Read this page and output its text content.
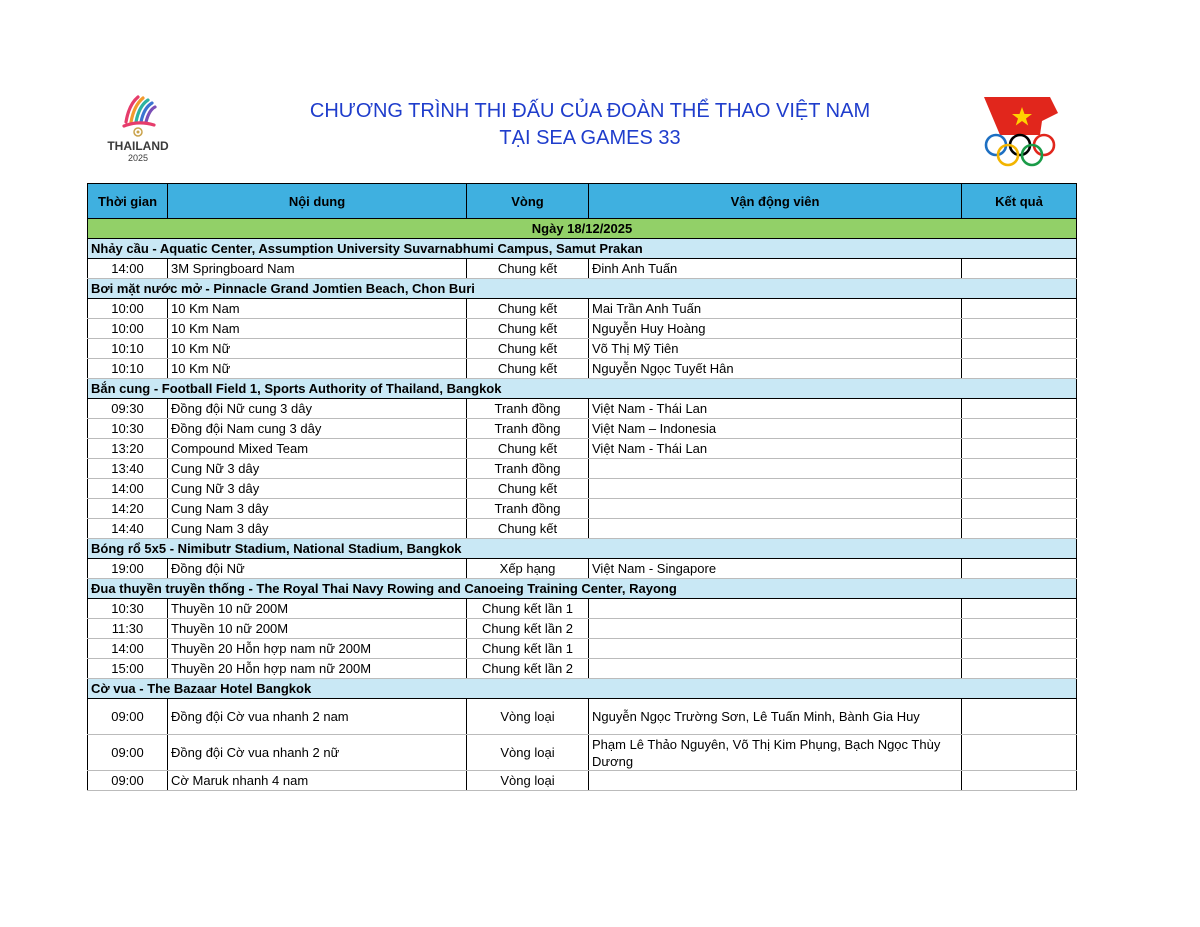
THAILAND
2025
CHƯƠNG TRÌNH THI ĐẤU CỦA ĐOÀN THỂ THAO VIỆT NAM
TẠI SEA GAMES 33
Thời gian	Nội dung	Vòng	Vận động viên	Kết quả
Ngày 18/12/2025				
Nhảy cầu - Aquatic Center, Assumption University Suvarnabhumi Campus, Samut Prakan				
14:00	3M Springboard Nam	Chung kết	Đinh Anh Tuấn	
Bơi mặt nước mở - Pinnacle Grand Jomtien Beach, Chon Buri				
10:00	10 Km Nam	Chung kết	Mai Trần Anh Tuấn	
10:00	10 Km Nam	Chung kết	Nguyễn Huy Hoàng	
10:10	10 Km Nữ	Chung kết	Võ Thị Mỹ Tiên	
10:10	10 Km Nữ	Chung kết	Nguyễn Ngọc Tuyết Hân	
Bắn cung - Football Field 1, Sports Authority of Thailand, Bangkok				
09:30	Đồng đội Nữ cung 3 dây	Tranh đồng	Việt Nam - Thái Lan	
10:30	Đồng đội Nam cung 3 dây	Tranh đồng	Việt Nam – Indonesia	
13:20	Compound Mixed Team	Chung kết	Việt Nam - Thái Lan	
13:40	Cung Nữ 3 dây	Tranh đồng		
14:00	Cung Nữ 3 dây	Chung kết		
14:20	Cung Nam 3 dây	Tranh đồng		
14:40	Cung Nam 3 dây	Chung kết		
Bóng rổ 5x5 - Nimibutr Stadium, National Stadium, Bangkok				
19:00	Đồng đội Nữ	Xếp hạng	Việt Nam - Singapore	
Đua thuyền truyền thống - The Royal Thai Navy Rowing and Canoeing Training Center, Rayong				
10:30	Thuyền 10 nữ 200M	Chung kết lần 1		
11:30	Thuyền 10 nữ 200M	Chung kết lần 2		
14:00	Thuyền 20 Hỗn hợp nam nữ 200M	Chung kết lần 1		
15:00	Thuyền 20 Hỗn hợp nam nữ 200M	Chung kết lần 2		
Cờ vua - The Bazaar Hotel Bangkok				
09:00	Đồng đội Cờ vua nhanh 2 nam	Vòng loại	Nguyễn Ngọc Trường Sơn, Lê Tuấn Minh, Bành Gia Huy	
09:00	Đồng đội Cờ vua nhanh 2 nữ	Vòng loại	Phạm Lê Thảo Nguyên, Võ Thị Kim Phụng, Bạch Ngọc Thùy Dương	
09:00	Cờ Maruk nhanh 4 nam	Vòng loại		
